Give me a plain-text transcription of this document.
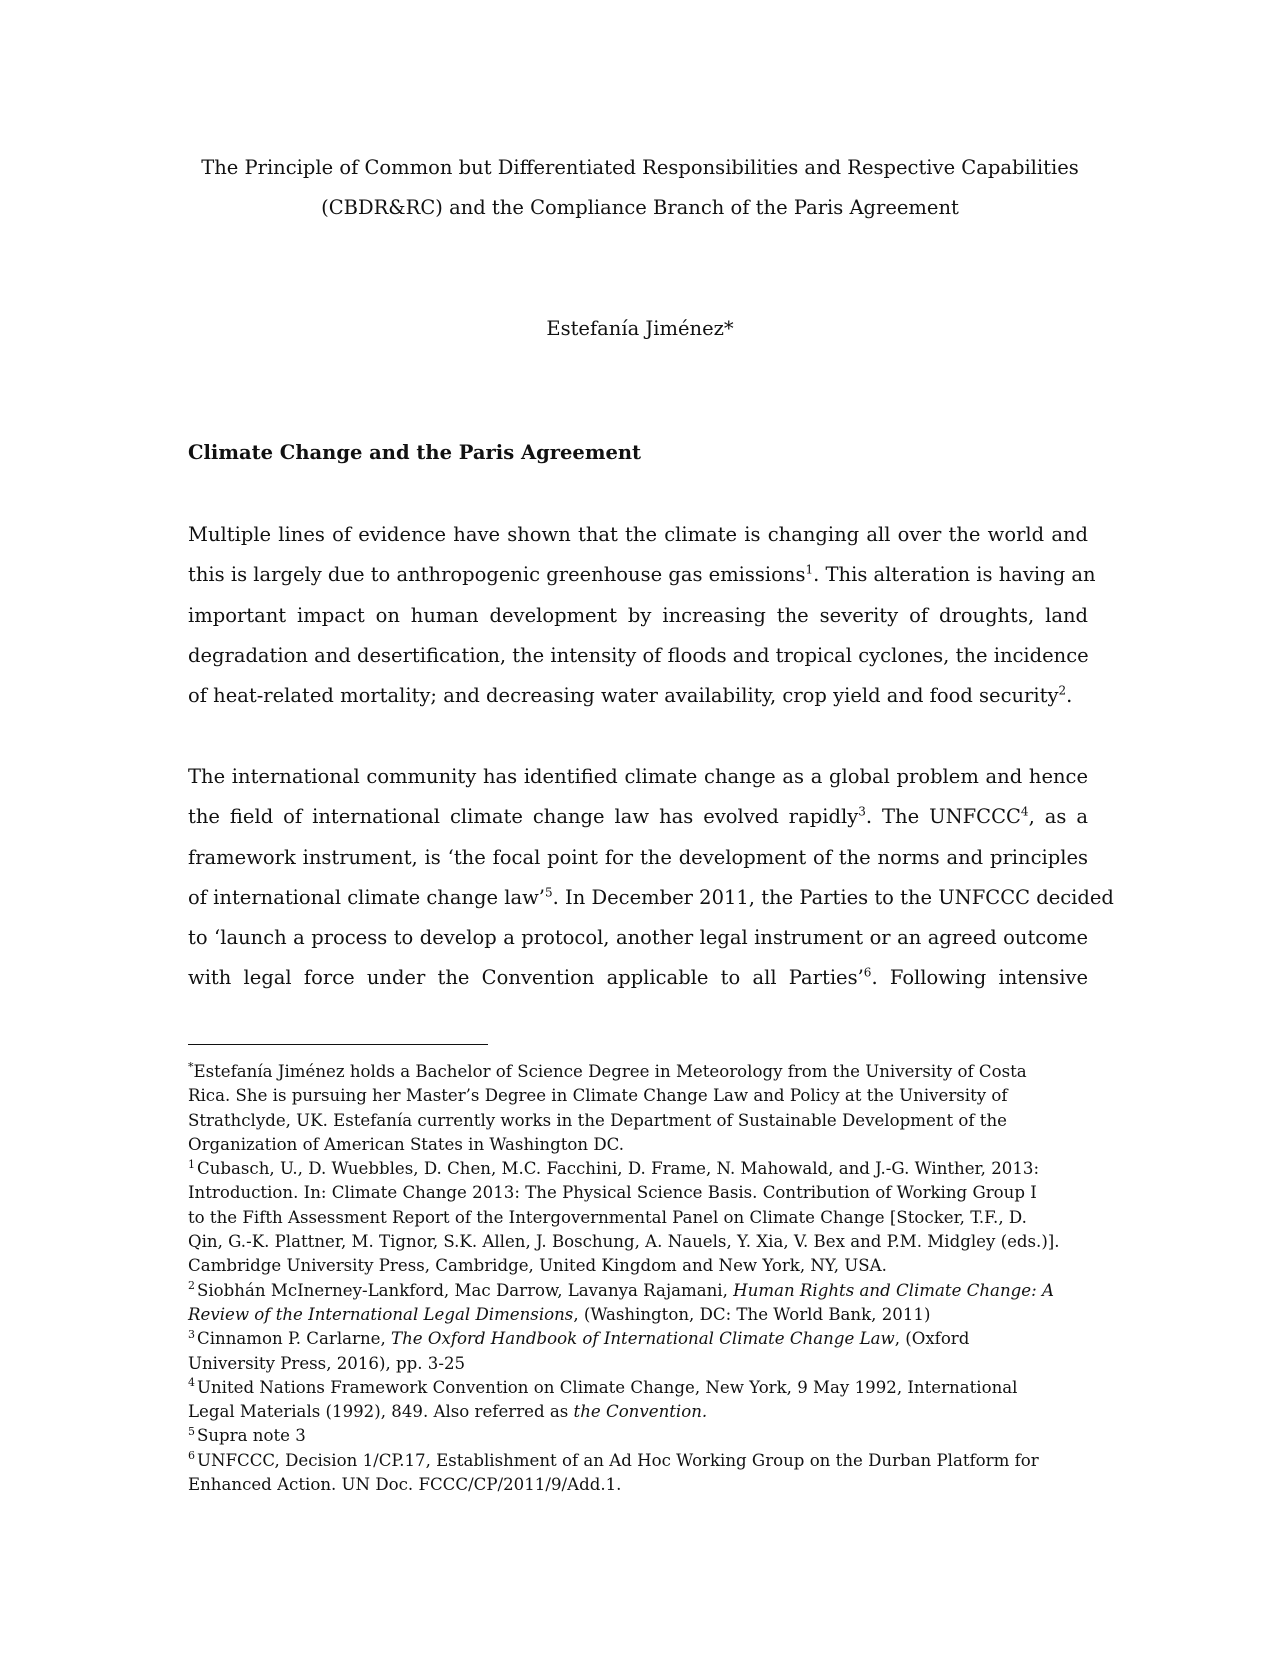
The Principle of Common but Differentiated Responsibilities and Respective Capabilities
(CBDR&RC) and the Compliance Branch of the Paris Agreement
Estefanía Jiménez*
Climate Change and the Paris Agreement

Multiple lines of evidence have shown that the climate is changing all over the world and
this is largely due to anthropogenic greenhouse gas emissions$^1$. This alteration is having an
important impact on human development by increasing the severity of droughts, land
degradation and desertification, the intensity of floods and tropical cyclones, the incidence
of heat-related mortality; and decreasing water availability, crop yield and food security$^2$.

The international community has identified climate change as a global problem and hence
the field of international climate change law has evolved rapidly$^3$. The UNFCCC$^4$, as a
framework instrument, is ‘the focal point for the development of the norms and principles
of international climate change law’$^5$. In December 2011, the Parties to the UNFCCC decided
to ‘launch a process to develop a protocol, another legal instrument or an agreed outcome
with legal force under the Convention applicable to all Parties’$^6$. Following intensive

*Estefanía Jiménez holds a Bachelor of Science Degree in Meteorology from the University of Costa
Rica. She is pursuing her Master’s Degree in Climate Change Law and Policy at the University of
Strathclyde, UK. Estefanía currently works in the Department of Sustainable Development of the
Organization of American States in Washington DC.
$^1$ Cubasch, U., D. Wuebbles, D. Chen, M.C. Facchini, D. Frame, N. Mahowald, and J.-G. Winther, 2013:
Introduction. In: Climate Change 2013: The Physical Science Basis. Contribution of Working Group I
to the Fifth Assessment Report of the Intergovernmental Panel on Climate Change [Stocker, T.F., D.
Qin, G.-K. Plattner, M. Tignor, S.K. Allen, J. Boschung, A. Nauels, Y. Xia, V. Bex and P.M. Midgley (eds.)].
Cambridge University Press, Cambridge, United Kingdom and New York, NY, USA.
$^2$ Siobhán McInerney-Lankford, Mac Darrow, Lavanya Rajamani, Human Rights and Climate Change: A
Review of the International Legal Dimensions, (Washington, DC: The World Bank, 2011)
$^3$ Cinnamon P. Carlarne, The Oxford Handbook of International Climate Change Law, (Oxford
University Press, 2016), pp. 3-25
$^4$ United Nations Framework Convention on Climate Change, New York, 9 May 1992, International
Legal Materials (1992), 849. Also referred as the Convention.
$^5$ Supra note 3
$^6$ UNFCCC, Decision 1/CP.17, Establishment of an Ad Hoc Working Group on the Durban Platform for
Enhanced Action. UN Doc. FCCC/CP/2011/9/Add.1.
